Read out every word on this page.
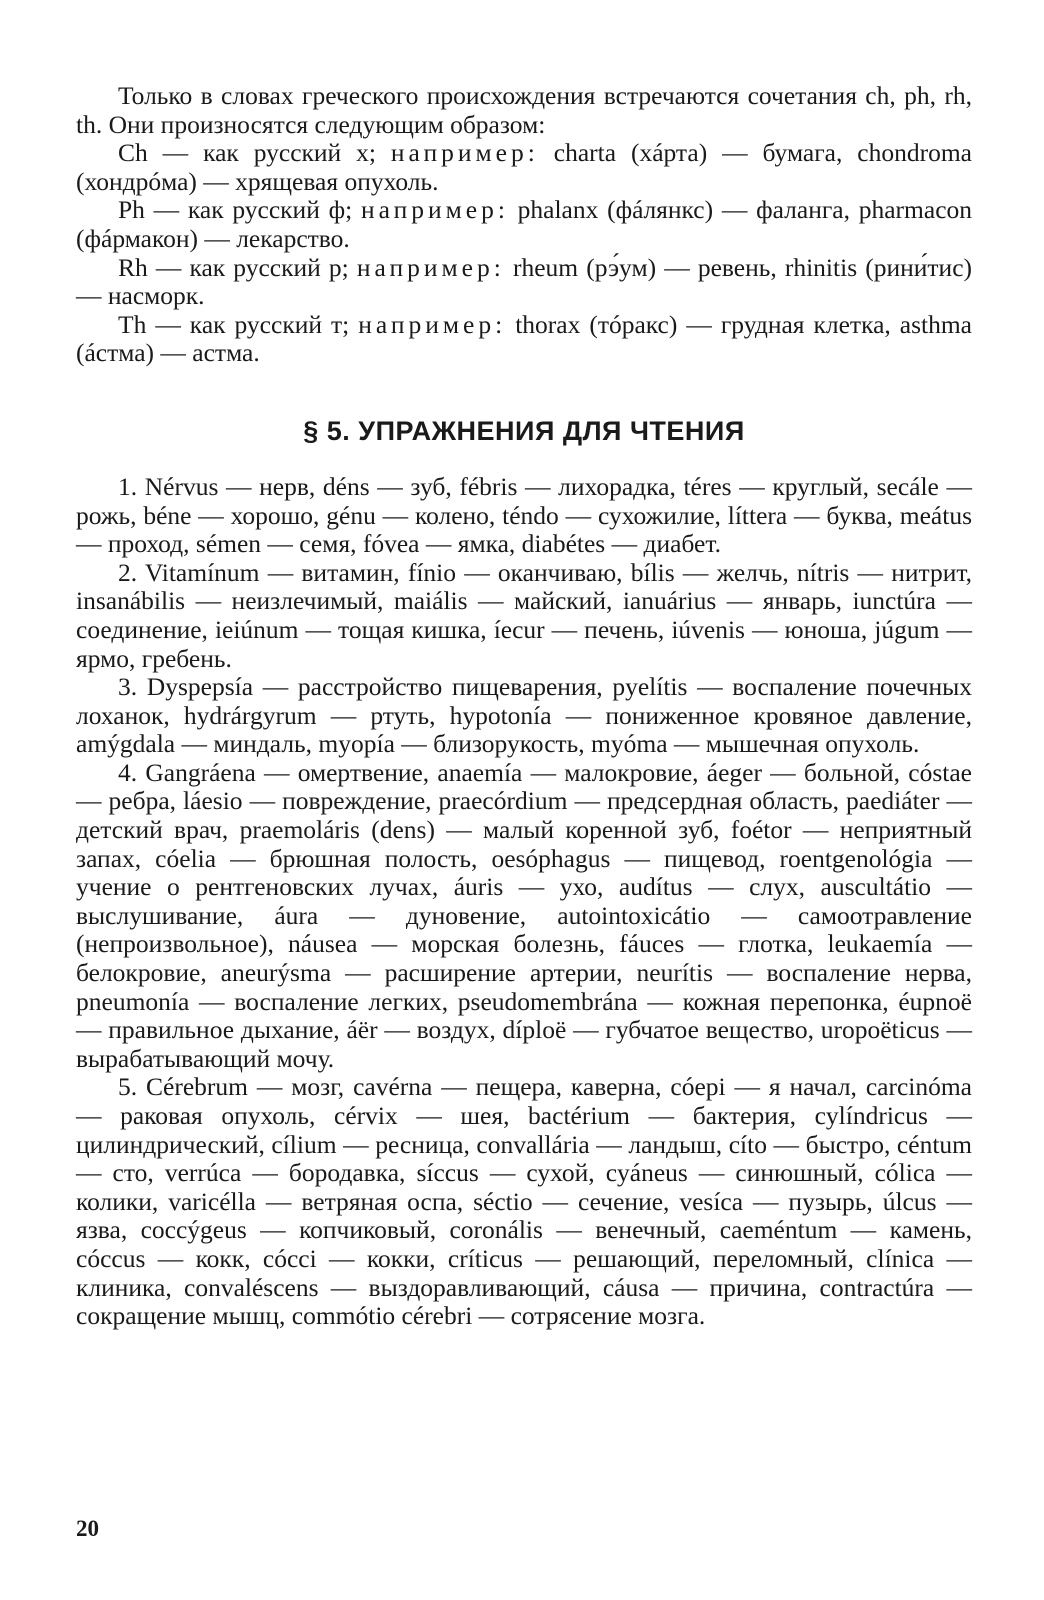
Только в словах греческого происхождения встречаются сочетания ch, ph, rh, th. Они произносятся следующим образом:

Ch — как русский х; например: charta (хáрта) — бумага, chondroma (хондрóма) — хрящевая опухоль.

Ph — как русский ф; например: phalanx (фáлянкс) — фаланга, pharmacon (фáрмакон) — лекарство.

Rh — как русский р; например: rheum (рэ́ум) — ревень, rhinitis (рини́тис) — насморк.

Th — как русский т; например: thorax (тóракс) — грудная клетка, asthma (áстма) — астма.

§ 5. УПРАЖНЕНИЯ ДЛЯ ЧТЕНИЯ

1. Nérvus — нерв, déns — зуб, fébris — лихорадка, téres — круглый, secále — рожь, béne — хорошо, génu — колено, téndo — сухожилие, líttera — буква, meátus — проход, sémen — семя, fóvea — ямка, diabétes — диабет.

2. Vitamínum — витамин, fínio — оканчиваю, bílis — желчь, nítris — нитрит, insanábilis — неизлечимый, maiális — майский, ianuárius — январь, iunctúra — соединение, ieiúnum — тощая кишка, íecur — печень, iúvenis — юноша, júgum — ярмо, гребень.

3. Dyspepsía — расстройство пищеварения, pyelítis — воспаление почечных лоханок, hydrárgyrum — ртуть, hypotonía — пониженное кровяное давление, amýgdala — миндаль, myopía — близорукость, myóma — мышечная опухоль.

4. Gangráena — омертвение, anaemía — малокровие, áeger — больной, cóstae — ребра, láesio — повреждение, praecórdium — предсердная область, paediáter — детский врач, praemoláris (dens) — малый коренной зуб, foétor — неприятный запах, cóelia — брюшная полость, oesóphagus — пищевод, roentgenológia — учение о рентгеновских лучах, áuris — ухо, audítus — слух, auscultátio — выслушивание, áura — дуновение, autointoxicátio — самоотравление (непроизвольное), náusea — морская болезнь, fáuces — глотка, leukaemía — белокровие, aneurýsma — расширение артерии, neurítis — воспаление нерва, pneumonía — воспаление легких, pseudomembrána — кожная перепонка, éupnoë — правильное дыхание, áër — воздух, díploë — губчатое вещество, uropoëticus — вырабатывающий мочу.

5. Cérebrum — мозг, cavérna — пещера, каверна, cóepi — я начал, carcinóma — раковая опухоль, cérvix — шея, bactérium — бактерия, cylíndricus — цилиндрический, cílium — ресница, convallária — ландыш, cíto — быстро, céntum — сто, verrúca — бородавка, síccus — сухой, cyáneus — синюшный, cólica — колики, varicélla — ветряная оспа, séctio — сечение, vesíca — пузырь, úlcus — язва, coccýgeus — копчиковый, coronális — венечный, caeméntum — камень, cóccus — кокк, cócci — кокки, críticus — решающий, переломный, clínica — клиника, convaléscens — выздоравливающий, cáusa — причина, contractúra — сокращение мышц, commótio cérebri — сотрясение мозга.

20
